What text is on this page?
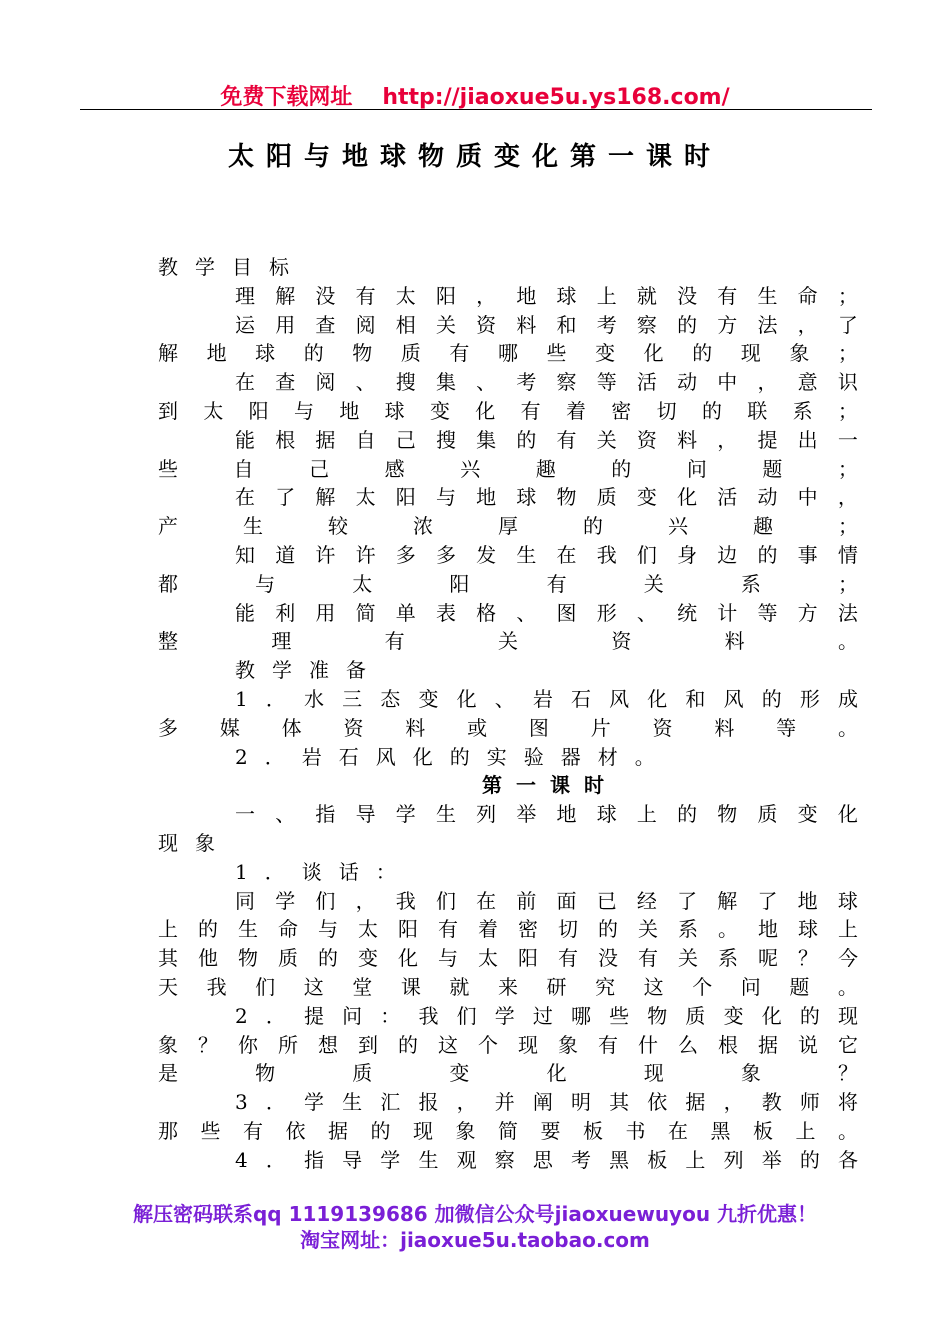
免费下载网址 http://jiaoxue5u.ys168.com/
太阳与地球物质变化第一课时
教 学 目 标
理 解 没 有 太 阳 ， 地 球 上 就 没 有 生 命 ；
运 用 查 阅 相 关 资 料 和 考 察 的 方 法 ， 了
解 地 球 的 物 质 有 哪 些 变 化 的 现 象 ；
在 查 阅 、 搜 集 、 考 察 等 活 动 中 ， 意 识
到 太 阳 与 地 球 变 化 有 着 密 切 的 联 系 ；
能 根 据 自 己 搜 集 的 有 关 资 料 ， 提 出 一
些	自	己	感	兴	趣	的	问	题	；
在 了 解 太 阳 与 地 球 物 质 变 化 活 动 中 ，
产	生	较	浓	厚	的	兴	趣	；
知 道 许 许 多 多 发 生 在 我 们 身 边 的 事 情
都	与	太	阳	有	关	系	；
能 利 用 简 单 表 格 、 图 形 、 统 计 等 方 法
整	理	有	关	资	料	。
教 学 准 备
1 ． 水 三 态 变 化 、 岩 石 风 化 和 风 的 形 成
多 媒 体 资 料 或 图 片 资 料 等 。
2 ． 岩 石 风 化 的 实 验 器 材 。
第 一 课 时
一 、 指 导 学 生 列 举 地 球 上 的 物 质 变 化
现 象
1 ． 谈 话 ：
同 学 们 ， 我 们 在 前 面 已 经 了 解 了 地 球
上 的 生 命 与 太 阳 有 着 密 切 的 关 系 。 地 球 上
其 他 物 质 的 变 化 与 太 阳 有 没 有 关 系 呢 ？ 今
天 我 们 这 堂 课 就 来 研 究 这 个 问 题 。
2 ． 提 问 ： 我 们 学 过 哪 些 物 质 变 化 的 现
象 ？ 你 所 想 到 的 这 个 现 象 有 什 么 根 据 说 它
是	物	质	变	化	现	象	？
3 ． 学 生 汇 报 ， 并 阐 明 其 依 据 ， 教 师 将
那 些 有 依 据 的 现 象 简 要 板 书 在 黑 板 上 。
4 ． 指 导 学 生 观 察 思 考 黑 板 上 列 举 的 各
解压密码联系qq 1119139686 加微信公众号jiaoxuewuyou 九折优惠！
淘宝网址：jiaoxue5u.taobao.com
